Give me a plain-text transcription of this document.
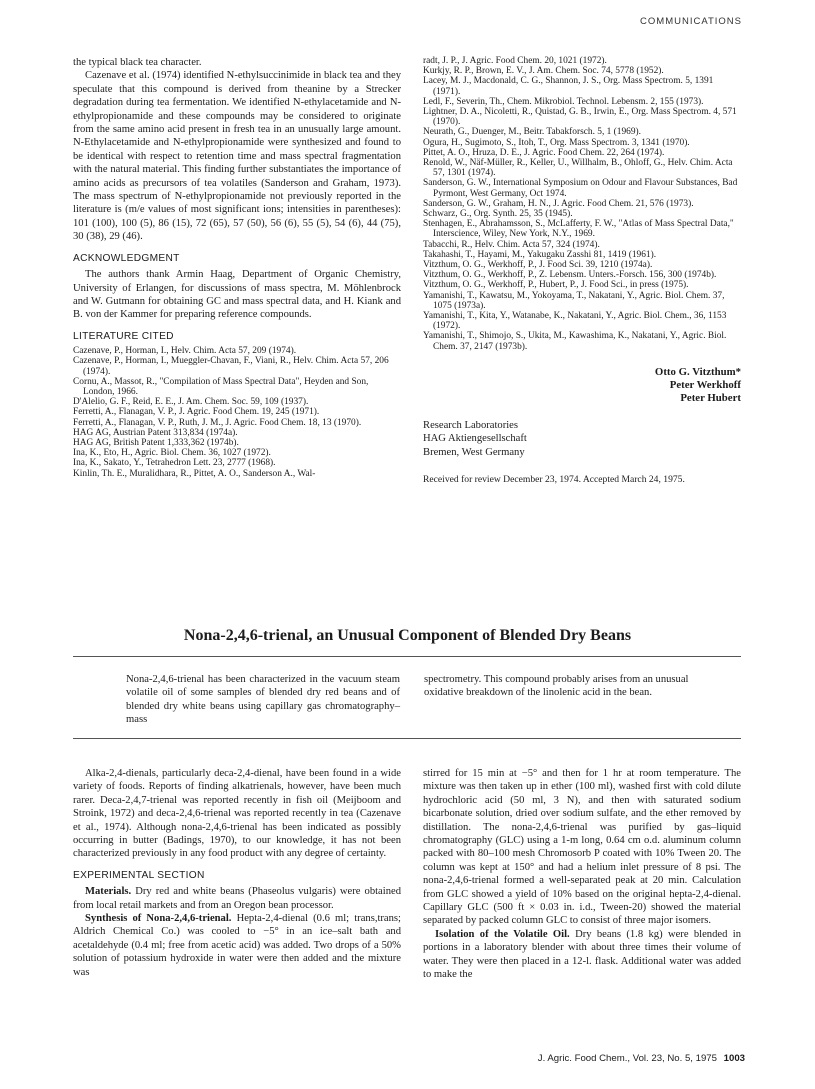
COMMUNICATIONS

the typical black tea character.

Cazenave et al. (1974) identified N-ethylsuccinimide in black tea and they speculate that this compound is derived from theanine by a Strecker degradation during tea fermentation. We identified N-ethylacetamide and N-ethylpropionamide and these compounds may be considered to originate from the same amino acid present in fresh tea in an unusually large amount. N-Ethylacetamide and N-ethylpropionamide were synthesized and found to be identical with respect to retention time and mass spectral fragmentation with the natural material. This finding further substantiates the importance of amino acids as precursors of tea volatiles (Sanderson and Graham, 1973). The mass spectrum of N-ethylpropionamide not previously reported in the literature is (m/e values of most significant ions; intensities in parentheses): 101 (100), 100 (5), 86 (15), 72 (65), 57 (50), 56 (6), 55 (5), 54 (6), 44 (75), 30 (38), 29 (46).

ACKNOWLEDGMENT

The authors thank Armin Haag, Department of Organic Chemistry, University of Erlangen, for discussions of mass spectra, M. Möhlenbrock and W. Gutmann for obtaining GC and mass spectral data, and H. Kiank and B. von der Kammer for preparing reference compounds.

LITERATURE CITED

Cazenave, P., Horman, I., Helv. Chim. Acta 57, 209 (1974).

Cazenave, P., Horman, I., Mueggler-Chavan, F., Viani, R., Helv. Chim. Acta 57, 206 (1974).

Cornu, A., Massot, R., "Compilation of Mass Spectral Data", Heyden and Son, London, 1966.

D'Alelio, G. F., Reid, E. E., J. Am. Chem. Soc. 59, 109 (1937).

Ferretti, A., Flanagan, V. P., J. Agric. Food Chem. 19, 245 (1971).

Ferretti, A., Flanagan, V. P., Ruth, J. M., J. Agric. Food Chem. 18, 13 (1970).

HAG AG, Austrian Patent 313,834 (1974a).

HAG AG, British Patent 1,333,362 (1974b).

Ina, K., Eto, H., Agric. Biol. Chem. 36, 1027 (1972).

Ina, K., Sakato, Y., Tetrahedron Lett. 23, 2777 (1968).

Kinlin, Th. E., Muralidhara, R., Pittet, A. O., Sanderson A., Wal-

radt, J. P., J. Agric. Food Chem. 20, 1021 (1972).

Kurkjy, R. P., Brown, E. V., J. Am. Chem. Soc. 74, 5778 (1952).

Lacey, M. J., Macdonald, C. G., Shannon, J. S., Org. Mass Spectrom. 5, 1391 (1971).

Ledl, F., Severin, Th., Chem. Mikrobiol. Technol. Lebensm. 2, 155 (1973).

Lightner, D. A., Nicoletti, R., Quistad, G. B., Irwin, E., Org. Mass Spectrom. 4, 571 (1970).

Neurath, G., Duenger, M., Beitr. Tabakforsch. 5, 1 (1969).

Ogura, H., Sugimoto, S., Itoh, T., Org. Mass Spectrom. 3, 1341 (1970).

Pittet, A. O., Hruza, D. E., J. Agric. Food Chem. 22, 264 (1974).

Renold, W., Näf-Müller, R., Keller, U., Willhalm, B., Ohloff, G., Helv. Chim. Acta 57, 1301 (1974).

Sanderson, G. W., International Symposium on Odour and Flavour Substances, Bad Pyrmont, West Germany, Oct 1974.

Sanderson, G. W., Graham, H. N., J. Agric. Food Chem. 21, 576 (1973).

Schwarz, G., Org. Synth. 25, 35 (1945).

Stenhagen, E., Abrahamsson, S., McLafferty, F. W., "Atlas of Mass Spectral Data," Interscience, Wiley, New York, N.Y., 1969.

Tabacchi, R., Helv. Chim. Acta 57, 324 (1974).

Takahashi, T., Hayami, M., Yakugaku Zasshi 81, 1419 (1961).

Vitzthum, O. G., Werkhoff, P., J. Food Sci. 39, 1210 (1974a).

Vitzthum, O. G., Werkhoff, P., Z. Lebensm. Unters.-Forsch. 156, 300 (1974b).

Vitzthum, O. G., Werkhoff, P., Hubert, P., J. Food Sci., in press (1975).

Yamanishi, T., Kawatsu, M., Yokoyama, T., Nakatani, Y., Agric. Biol. Chem. 37, 1075 (1973a).

Yamanishi, T., Kita, Y., Watanabe, K., Nakatani, Y., Agric. Biol. Chem., 36, 1153 (1972).

Yamanishi, T., Shimojo, S., Ukita, M., Kawashima, K., Nakatani, Y., Agric. Biol. Chem. 37, 2147 (1973b).

Otto G. Vitzthum*
Peter Werkhoff
Peter Hubert
Research Laboratories
HAG Aktiengesellschaft
Bremen, West Germany
Received for review December 23, 1974. Accepted March 24, 1975.
Nona-2,4,6-trienal, an Unusual Component of Blended Dry Beans
Nona-2,4,6-trienal has been characterized in the vacuum steam volatile oil of some samples of blended dry red beans and of blended dry white beans using capillary gas chromatography–mass
spectrometry. This compound probably arises from an unusual oxidative breakdown of the linolenic acid in the bean.

Alka-2,4-dienals, particularly deca-2,4-dienal, have been found in a wide variety of foods. Reports of finding alkatrienals, however, have been much rarer. Deca-2,4,7-trienal was reported recently in fish oil (Meijboom and Stroink, 1972) and deca-2,4,6-trienal was reported recently in tea (Cazenave et al., 1974). Although nona-2,4,6-trienal has been indicated as possibly occurring in butter (Badings, 1970), to our knowledge, it has not been characterized previously in any food product with any degree of certainty.

EXPERIMENTAL SECTION

Materials. Dry red and white beans (Phaseolus vulgaris) were obtained from local retail markets and from an Oregon bean processor.

Synthesis of Nona-2,4,6-trienal. Hepta-2,4-dienal (0.6 ml; trans,trans; Aldrich Chemical Co.) was cooled to −5° in an ice–salt bath and acetaldehyde (0.4 ml; free from acetic acid) was added. Two drops of a 50% solution of potassium hydroxide in water were then added and the mixture was

stirred for 15 min at −5° and then for 1 hr at room temperature. The mixture was then taken up in ether (100 ml), washed first with cold dilute hydrochloric acid (50 ml, 3 N), and then with saturated sodium bicarbonate solution, dried over sodium sulfate, and the ether removed by distillation. The nona-2,4,6-trienal was purified by gas–liquid chromatography (GLC) using a 1-m long, 0.64 cm o.d. aluminum column packed with 80–100 mesh Chromosorb P coated with 10% Tween 20. The column was kept at 150° and had a helium inlet pressure of 8 psi. The nona-2,4,6-trienal formed a well-separated peak at 20 min. Calculation from GLC showed a yield of 10% based on the original hepta-2,4-dienal. Capillary GLC (500 ft × 0.03 in. i.d., Tween-20) showed the material separated by packed column GLC to consist of three major isomers.

Isolation of the Volatile Oil. Dry beans (1.8 kg) were blended in portions in a laboratory blender with about three times their volume of water. They were then placed in a 12-l. flask. Additional water was added to make the

J. Agric. Food Chem., Vol. 23, No. 5, 1975 1003
